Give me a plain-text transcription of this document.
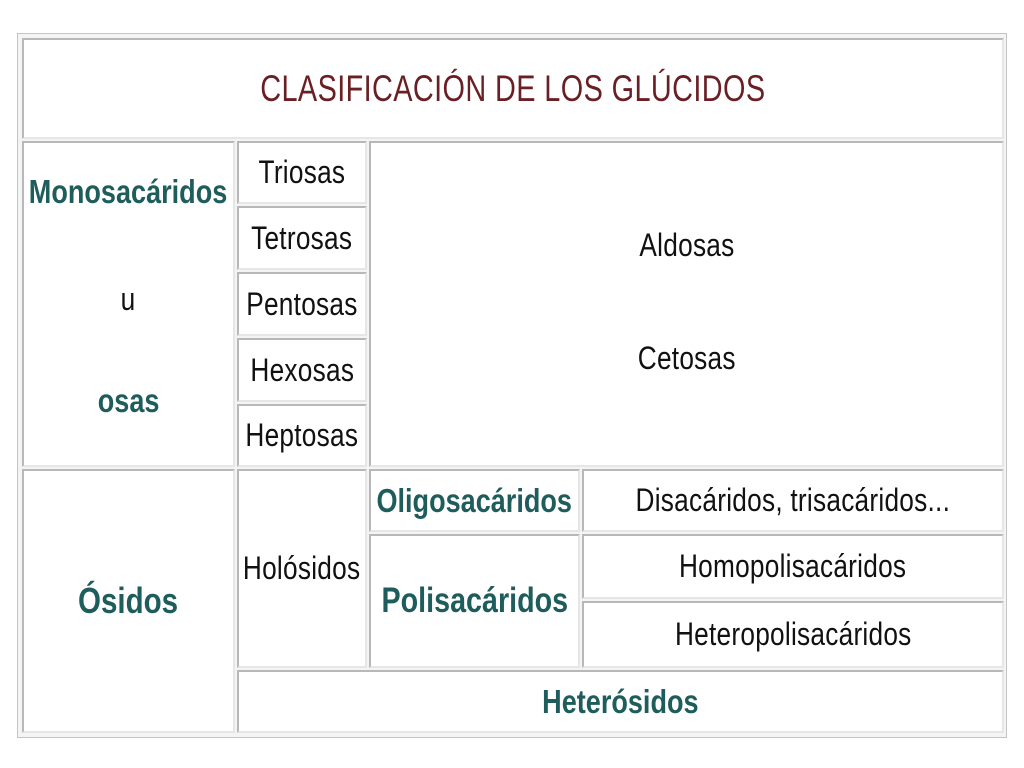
CLASIFICACIÓN DE LOS GLÚCIDOS
Monosacáridos
u
osas
Triosas
Tetrosas
Pentosas
Hexosas
Heptosas
Aldosas
Cetosas
Ósidos
Holósidos
Oligosacáridos Disacáridos, trisacáridos...
Polisacáridos
Homopolisacáridos
Heteropolisacáridos
Heterósidos
